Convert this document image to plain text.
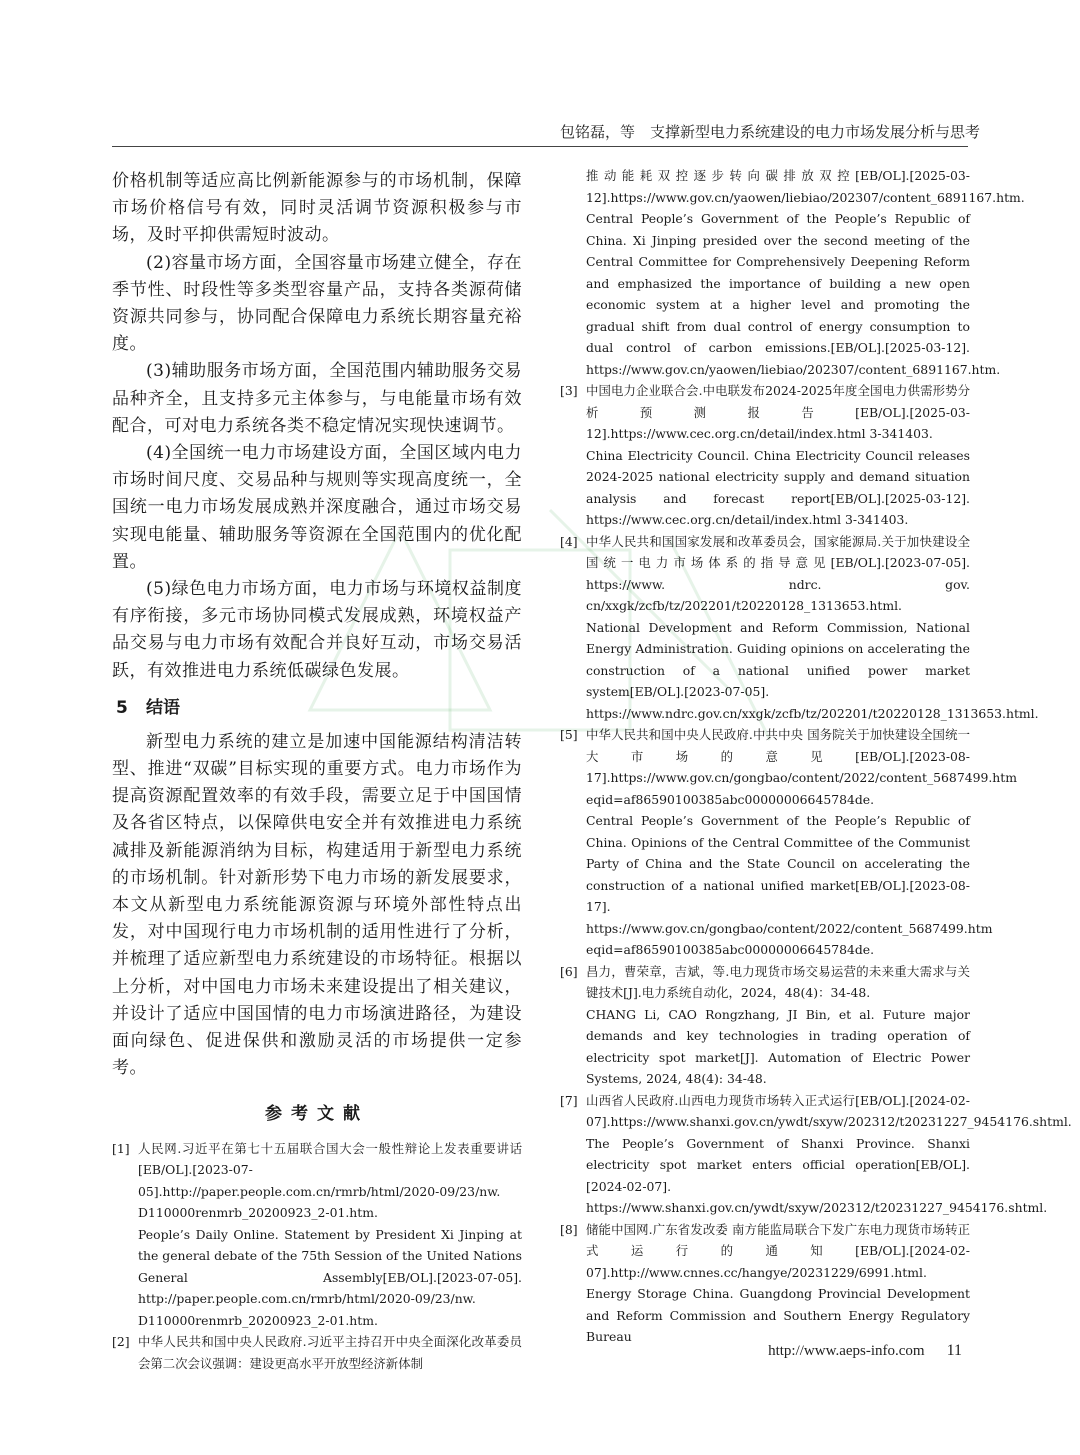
包铭磊，等　支撑新型电力系统建设的电力市场发展分析与思考

价格机制等适应高比例新能源参与的市场机制，保障市场价格信号有效，同时灵活调节资源积极参与市场，及时平抑供需短时波动。

(2)容量市场方面，全国容量市场建立健全，存在季节性、时段性等多类型容量产品，支持各类源荷储资源共同参与，协同配合保障电力系统长期容量充裕度。

(3)辅助服务市场方面，全国范围内辅助服务交易品种齐全，且支持多元主体参与，与电能量市场有效配合，可对电力系统各类不稳定情况实现快速调节。

(4)全国统一电力市场建设方面，全国区域内电力市场时间尺度、交易品种与规则等实现高度统一，全国统一电力市场发展成熟并深度融合，通过市场交易实现电能量、辅助服务等资源在全国范围内的优化配置。

(5)绿色电力市场方面，电力市场与环境权益制度有序衔接，多元市场协同模式发展成熟，环境权益产品交易与电力市场有效配合并良好互动，市场交易活跃，有效推进电力系统低碳绿色发展。

5 结语

新型电力系统的建立是加速中国能源结构清洁转型、推进“双碳”目标实现的重要方式。电力市场作为提高资源配置效率的有效手段，需要立足于中国国情及各省区特点，以保障供电安全并有效推进电力系统减排及新能源消纳为目标，构建适用于新型电力系统的市场机制。针对新形势下电力市场的新发展要求，本文从新型电力系统能源资源与环境外部性特点出发，对中国现行电力市场机制的适用性进行了分析，并梳理了适应新型电力系统建设的市场特征。根据以上分析，对中国电力市场未来建设提出了相关建议，并设计了适应中国国情的电力市场演进路径，为建设面向绿色、促进保供和激励灵活的市场提供一定参考。

参考文献
[1] 人民网.习近平在第七十五届联合国大会一般性辩论上发表重要讲话[EB/OL].[2023-07-05].http://paper.people.com.cn/rmrb/html/2020-09/23/nw.　D110000renmrb_20200923_2-01.htm.
People’s Daily Online. Statement by President Xi Jinping at the general debate of the 75th Session of the United Nations General Assembly[EB/OL].[2023-07-05]. http://paper.people.com.cn/rmrb/html/2020-09/23/nw.　D110000renmrb_20200923_2-01.htm.
[2] 中华人民共和国中央人民政府.习近平主持召开中央全面深化改革委员会第二次会议强调：建设更高水平开放型经济新体制
推动能耗双控逐步转向碳排放双控[EB/OL].[2025-03-12].https://www.gov.cn/yaowen/liebiao/202307/content_6891167.htm.
Central People’s Government of the People’s Republic of China. Xi Jinping presided over the second meeting of the Central Committee for Comprehensively Deepening Reform and emphasized the importance of building a new open economic system at a higher level and promoting the gradual shift from dual control of energy consumption to dual control of carbon emissions.[EB/OL].[2025-03-12]. https://www.gov.cn/yaowen/liebiao/202307/content_6891167.htm.
[3] 中国电力企业联合会.中电联发布2024-2025年度全国电力供需形势分析预测报告[EB/OL].[2025-03-12].https://www.cec.org.cn/detail/index.html 3-341403.
China Electricity Council. China Electricity Council releases 2024-2025 national electricity supply and demand situation analysis and forecast report[EB/OL].[2025-03-12]. https://www.cec.org.cn/detail/index.html 3-341403.
[4] 中华人民共和国国家发展和改革委员会，国家能源局.关于加快建设全国统一电力市场体系的指导意见[EB/OL].[2023-07-05].　https://www.　ndrc.　gov.　cn/xxgk/zcfb/tz/202201/t20220128_1313653.html.
National Development and Reform Commission, National Energy Administration. Guiding opinions on accelerating the construction of a national unified power market system[EB/OL].[2023-07-05]. https://www.ndrc.gov.cn/xxgk/zcfb/tz/202201/t20220128_1313653.html.
[5] 中华人民共和国中央人民政府.中共中央 国务院关于加快建设全国统一大市场的意见[EB/OL].[2023-08-17].https://www.gov.cn/gongbao/content/2022/content_5687499.htm eqid=af86590100385abc00000006645784de.
Central People’s Government of the People’s Republic of China. Opinions of the Central Committee of the Communist Party of China and the State Council on accelerating the construction of a national unified market[EB/OL].[2023-08-17]. https://www.gov.cn/gongbao/content/2022/content_5687499.htm eqid=af86590100385abc00000006645784de.
[6] 昌力，曹荣章，吉斌，等.电力现货市场交易运营的未来重大需求与关键技术[J].电力系统自动化，2024，48(4)：34-48.
CHANG Li, CAO Rongzhang, JI Bin, et al. Future major demands and key technologies in trading operation of electricity spot market[J]. Automation of Electric Power Systems, 2024, 48(4): 34-48.
[7] 山西省人民政府.山西电力现货市场转入正式运行[EB/OL].[2024-02-07].https://www.shanxi.gov.cn/ywdt/sxyw/202312/t20231227_9454176.shtml.
The People’s Government of Shanxi Province. Shanxi electricity spot market enters official operation[EB/OL].[2024-02-07]. https://www.shanxi.gov.cn/ywdt/sxyw/202312/t20231227_9454176.shtml.
[8] 储能中国网.广东省发改委 南方能监局联合下发广东电力现货市场转正式运行的通知[EB/OL].[2024-02-07].http://www.cnnes.cc/hangye/20231229/6991.html.
Energy Storage China. Guangdong Provincial Development and Reform Commission and Southern Energy Regulatory Bureau
http://www.aeps-info.com 11
